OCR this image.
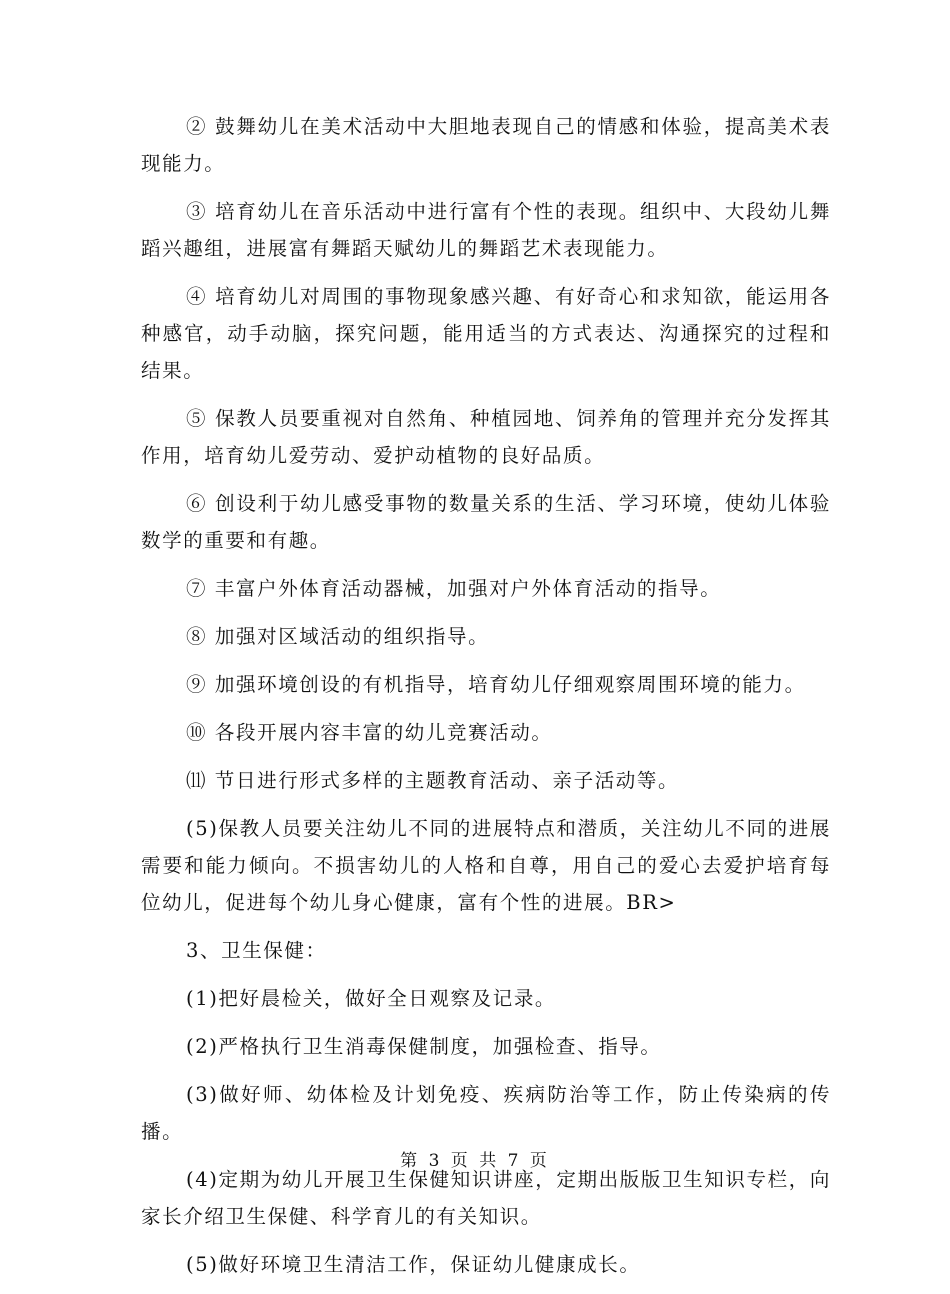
② 鼓舞幼儿在美术活动中大胆地表现自己的情感和体验，提高美术表现能力。

③ 培育幼儿在音乐活动中进行富有个性的表现。组织中、大段幼儿舞蹈兴趣组，进展富有舞蹈天赋幼儿的舞蹈艺术表现能力。

④ 培育幼儿对周围的事物现象感兴趣、有好奇心和求知欲，能运用各种感官，动手动脑，探究问题，能用适当的方式表达、沟通探究的过程和结果。

⑤ 保教人员要重视对自然角、种植园地、饲养角的管理并充分发挥其作用，培育幼儿爱劳动、爱护动植物的良好品质。

⑥ 创设利于幼儿感受事物的数量关系的生活、学习环境，使幼儿体验数学的重要和有趣。

⑦ 丰富户外体育活动器械，加强对户外体育活动的指导。

⑧ 加强对区域活动的组织指导。

⑨ 加强环境创设的有机指导，培育幼儿仔细观察周围环境的能力。

⑩ 各段开展内容丰富的幼儿竞赛活动。

⑾ 节日进行形式多样的主题教育活动、亲子活动等。

(5)保教人员要关注幼儿不同的进展特点和潜质，关注幼儿不同的进展需要和能力倾向。不损害幼儿的人格和自尊，用自己的爱心去爱护培育每位幼儿，促进每个幼儿身心健康，富有个性的进展。BR>

3、卫生保健：

(1)把好晨检关，做好全日观察及记录。

(2)严格执行卫生消毒保健制度，加强检查、指导。

(3)做好师、幼体检及计划免疫、疾病防治等工作，防止传染病的传播。

(4)定期为幼儿开展卫生保健知识讲座，定期出版版卫生知识专栏，向家长介绍卫生保健、科学育儿的有关知识。

(5)做好环境卫生清洁工作，保证幼儿健康成长。

第 3 页 共 7 页
